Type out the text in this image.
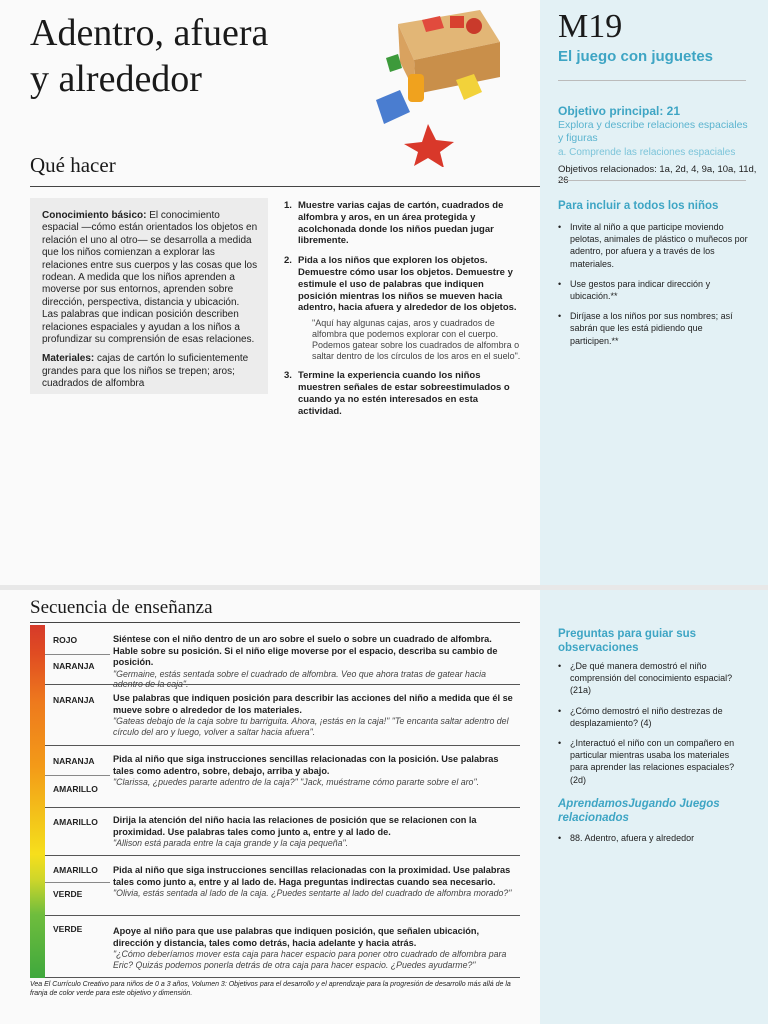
Adentro, afuera
y alrededor
Qué hacer
M19
El juego con juguetes
Objetivo principal: 21
Explora y describe relaciones espaciales y figuras
a. Comprende las relaciones espaciales
Objetivos relacionados: 1a, 2d, 4, 9a, 10a, 11d,

Conocimiento básico: El conocimiento espacial —cómo están orientados los objetos en relación el uno al otro— se desarrolla a medida que los niños comienzan a explorar las relaciones entre sus cuerpos y las cosas que los rodean. A medida que los niños aprenden a moverse por sus entornos, aprenden sobre dirección, perspectiva, distancia y ubicación. Las palabras que indican posición describen relaciones espaciales y ayudan a los niños a profundizar su comprensión de esas relaciones.

Materiales: cajas de cartón lo suficientemente grandes para que los niños se trepen; aros; cuadrados de alfombra

1. Muestre varias cajas de cartón, cuadrados de alfombra y aros, en un área protegida y acolchonada donde los niños puedan jugar libremente.
2. Pida a los niños que exploren los objetos. Demuestre cómo usar los objetos. Demuestre y estimule el uso de palabras que indiquen posición mientras los niños se mueven hacia adentro, hacia afuera y alrededor de los objetos.
"Aquí hay algunas cajas, aros y cuadrados de alfombra que podemos explorar con el cuerpo. Podemos gatear sobre los cuadrados de alfombra o saltar dentro de los círculos de los aros en el suelo".
3. Termine la experiencia cuando los niños muestren señales de estar sobreestimulados o cuando ya no estén interesados en esta actividad.
Para incluir a todos los niños
• Invite al niño a que participe moviendo pelotas, animales de plástico o muñecos por adentro, por afuera y a través de los materiales.
• Use gestos para indicar dirección y ubicación.**
• Diríjase a los niños por sus nombres; así sabrán que les está pidiendo que participen.**
Secuencia de enseñanza
ROJO
NARANJA
Siéntese con el niño dentro de un aro sobre el suelo o sobre un cuadrado de alfombra. Hable sobre su posición. Si el niño elige moverse por el espacio, describa su cambio de posición.
"Germaine, estás sentada sobre el cuadrado de alfombra. Veo que ahora tratas de gatear hacia adentro de la caja".
NARANJA Use palabras que indiquen posición para describir las acciones del niño a medida que él se mueve sobre o alrededor de los materiales.
"Gateas debajo de la caja sobre tu barriguita. Ahora, ¡estás en la caja!" "Te encanta saltar adentro del círculo del aro y luego, volver a saltar hacia afuera".
NARANJA
AMARILLO
Pida al niño que siga instrucciones sencillas relacionadas con la posición. Use palabras tales como adentro, sobre, debajo, arriba y abajo.
"Clarissa, ¿puedes pararte adentro de la caja?" "Jack, muéstrame cómo pararte sobre el aro".
AMARILLO Dirija la atención del niño hacia las relaciones de posición que se relacionen con la proximidad. Use palabras tales como junto a, entre y al lado de.
"Allison está parada entre la caja grande y la caja pequeña".
AMARILLO
VERDE
Pida al niño que siga instrucciones sencillas relacionadas con la proximidad. Use palabras tales como junto a, entre y al lado de. Haga preguntas indirectas cuando sea necesario.
"Olivia, estás sentada al lado de la caja. ¿Puedes sentarte al lado del cuadrado de alfombra morado?"
VERDE	Apoye al niño para que use palabras que indiquen posición, que señalen ubicación, dirección y distancia, tales como detrás, hacia adelante y hacia atrás.
"¿Cómo deberíamos mover esta caja para hacer espacio para poner otro cuadrado de alfombra para Eric? Quizás podemos ponerla detrás de otra caja para hacer espacio. ¿Puedes ayudarme?"
Vea El Currículo Creativo para niños de 0 a 3 años, Volumen 3: Objetivos para el desarrollo y el aprendizaje para la progresión de desarrollo más allá de la franja de color verde para este objetivo y dimensión.
Preguntas para guiar sus observaciones
• ¿De qué manera demostró el niño comprensión del conocimiento espacial? (21a)
• ¿Cómo demostró el niño destrezas de desplazamiento? (4)
• ¿Interactuó el niño con un compañero en particular mientras usaba los materiales para aprender las relaciones espaciales? (2d)
AprendamosJugando Juegos relacionados
• 88. Adentro, afuera y alrededor
